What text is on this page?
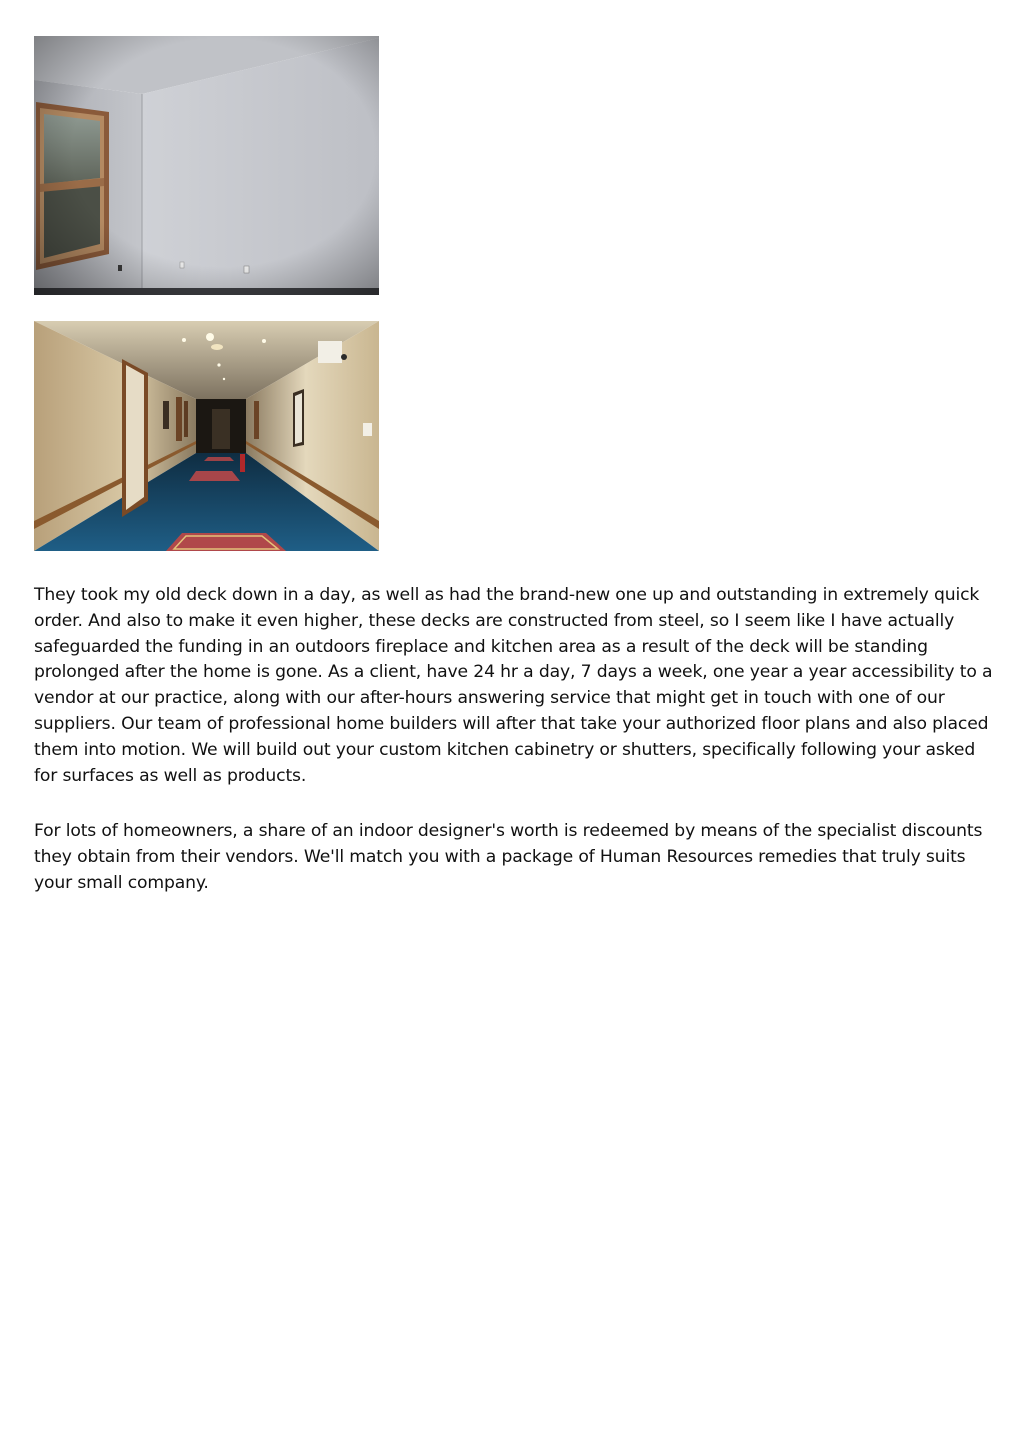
They took my old deck down in a day, as well as had the brand-new one up and outstanding in extremely quick order. And also to make it even higher, these decks are constructed from steel, so I seem like I have actually safeguarded the funding in an outdoors fireplace and kitchen area as a result of the deck will be standing prolonged after the home is gone. As a client, have 24 hr a day, 7 days a week, one year a year accessibility to a vendor at our practice, along with our after-hours answering service that might get in touch with one of our suppliers. Our team of professional home builders will after that take your authorized floor plans and also placed them into motion. We will build out your custom kitchen cabinetry or shutters, specifically following your asked for surfaces as well as products.

For lots of homeowners, a share of an indoor designer's worth is redeemed by means of the specialist discounts they obtain from their vendors. We'll match you with a package of Human Resources remedies that truly suits your small company.
